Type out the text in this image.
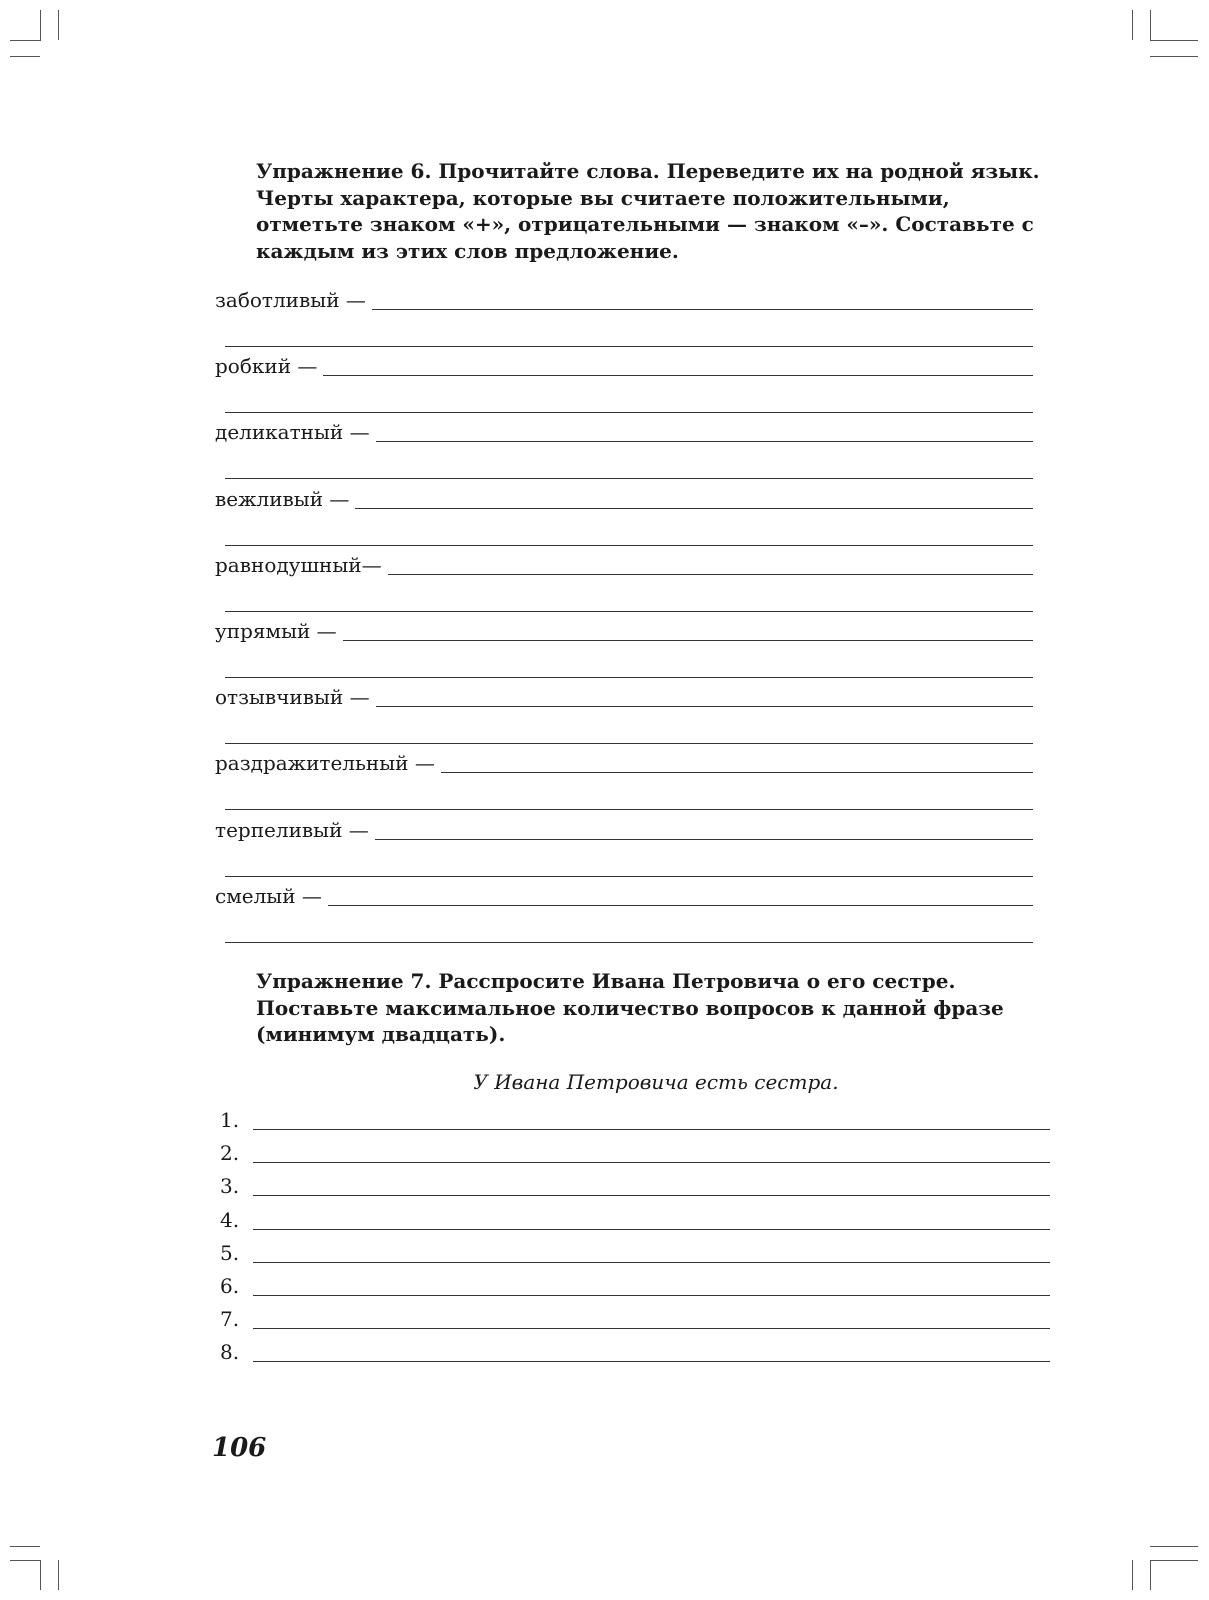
Упражнение 6. Прочитайте слова. Переведите их на родной язык. Черты характера, которые вы считаете положительными, отметьте знаком «+», отрицательными — знаком «–». Составьте с каждым из этих слов предложение.
заботливый —
робкий —
деликатный —
вежливый —
равнодушный—
упрямый —
отзывчивый —
раздражительный —
терпеливый —
смелый —
Упражнение 7. Расспросите Ивана Петровича о его сестре. Поставьте максимальное количество вопросов к данной фразе (минимум двадцать).
У Ивана Петровича есть сестра.
1.
2.
3.
4.
5.
6.
7.
8.
106
